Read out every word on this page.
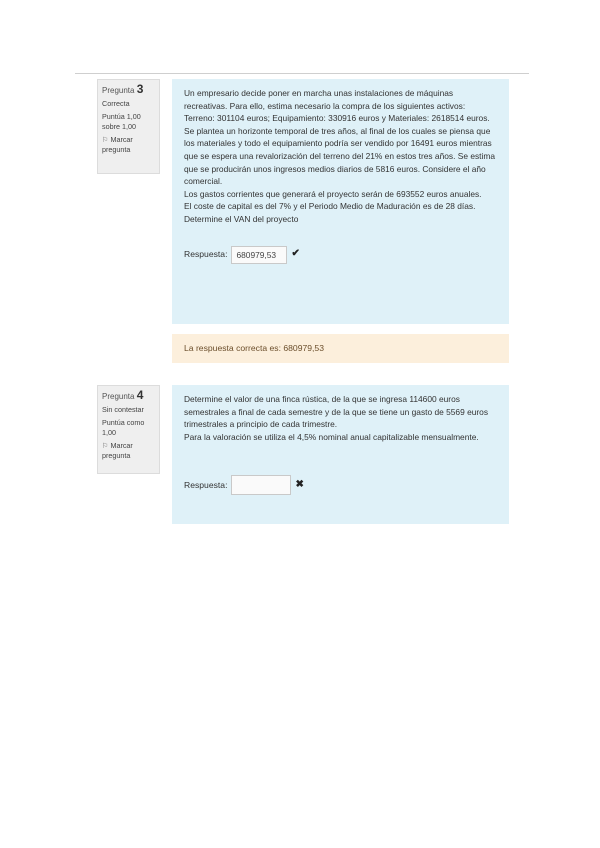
Pregunta 3
Correcta
Puntúa 1,00 sobre 1,00
⚐ Marcar pregunta

Un empresario decide poner en marcha unas instalaciones de máquinas recreativas. Para ello, estima necesario la compra de los siguientes activos: Terreno: 301104 euros; Equipamiento: 330916 euros y Materiales: 2618514 euros.

Se plantea un horizonte temporal de tres años, al final de los cuales se piensa que los materiales y todo el equipamiento podría ser vendido por 16491 euros mientras que se espera una revalorización del terreno del 21% en estos tres años. Se estima que se producirán unos ingresos medios diarios de 5816 euros. Considere el año comercial.

Los gastos corrientes que generará el proyecto serán de 693552 euros anuales.

El coste de capital es del 7% y el Periodo Medio de Maduración es de 28 días.

Determine el VAN del proyecto

Respuesta:
680979,53	✔
La respuesta correcta es: 680979,53
Pregunta 4
Sin contestar
Puntúa como 1,00
⚐ Marcar pregunta

Determine el valor de una finca rústica, de la que se ingresa 114600 euros semestrales a final de cada semestre y de la que se tiene un gasto de 5569 euros trimestrales a principio de cada trimestre.

Para la valoración se utiliza el 4,5% nominal anual capitalizable mensualmente.

Respuesta:	✖
